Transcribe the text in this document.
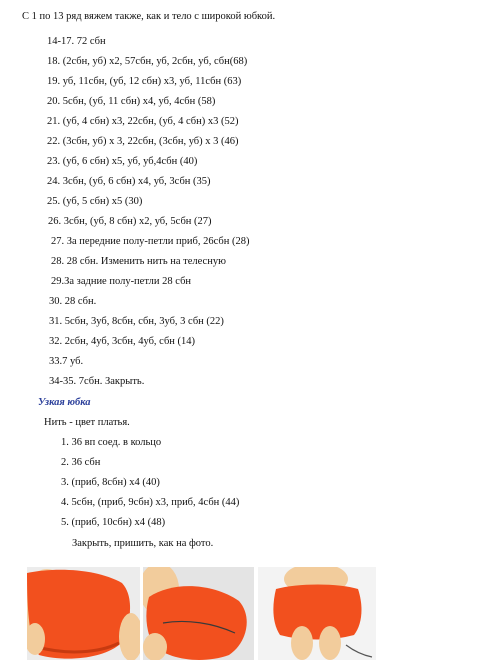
С 1 по 13 ряд вяжем также, как и тело с широкой юбкой.
14-17. 72 сбн
18. (2сбн, уб) х2, 57сбн, уб, 2сбн, уб, сбн(68)
19. уб, 11сбн, (уб, 12 сбн) х3, уб, 11сбн (63)
20. 5сбн, (уб, 11 сбн) х4, уб, 4сбн (58)
21. (уб, 4 сбн) х3, 22сбн, (уб, 4 сбн) х3 (52)
22. (3сбн, уб) х 3, 22сбн, (3сбн, уб) х 3 (46)
23. (уб, 6 сбн) х5, уб, уб,4сбн (40)
24. 3сбн, (уб, 6 сбн) х4, уб, 3сбн (35)
25. (уб, 5 сбн) х5 (30)
26. 3сбн, (уб, 8 сбн) х2, уб, 5сбн (27)
27. За передние полу-петли приб, 26сбн (28)
28. 28 сбн. Изменить нить на телесную
29.За задние полу-петли 28 сбн
30. 28 сбн.
31. 5сбн, 3уб, 8сбн, сбн, 3уб, 3 сбн (22)
32. 2сбн, 4уб, 3сбн, 4уб, сбн (14)
33.7 уб.
34-35. 7сбн. Закрыть.
Узкая юбка
Нить - цвет платья.
1. 36 вп соед. в кольцо
2. 36 сбн
3. (приб, 8сбн) х4 (40)
4. 5сбн, (приб, 9сбн) х3, приб, 4сбн (44)
5. (приб, 10сбн) х4 (48)
Закрыть, пришить, как на фото.
